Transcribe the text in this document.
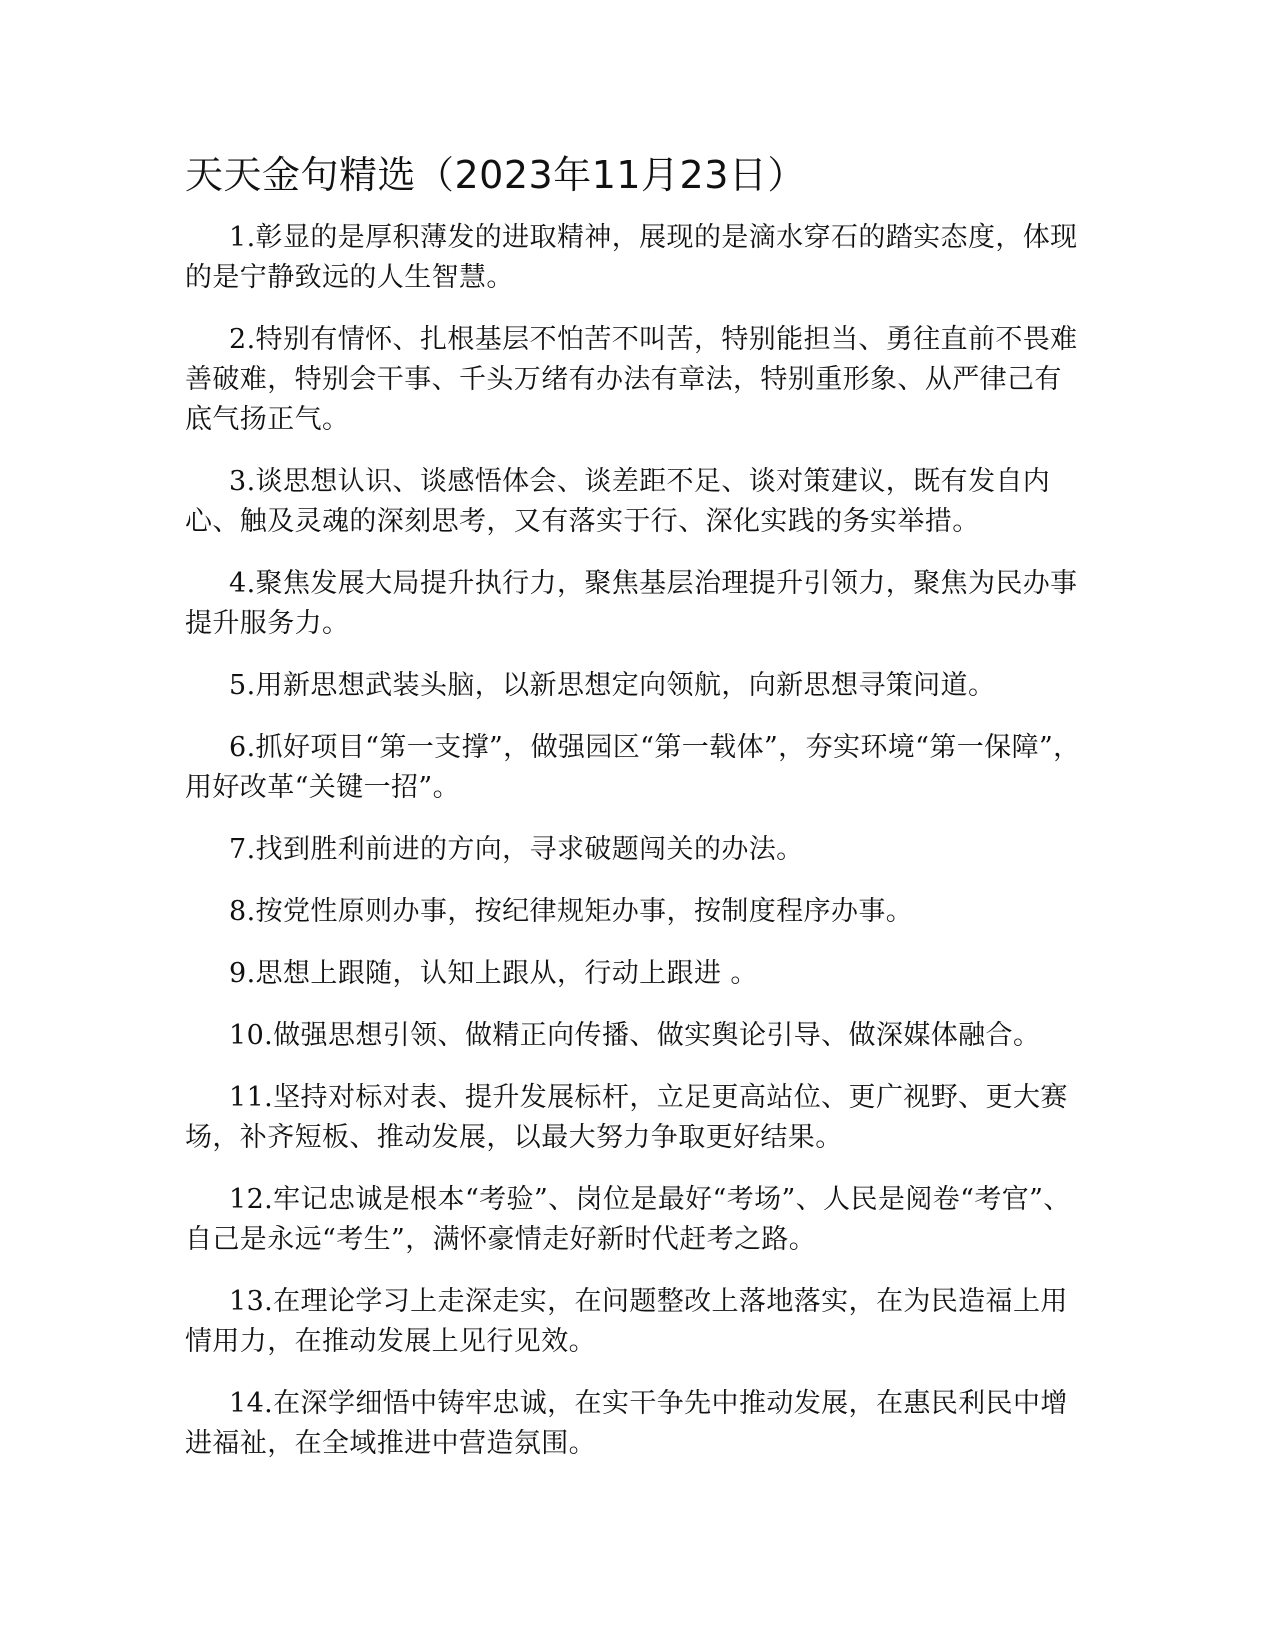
天天金句精选（2023年11月23日）

1.彰显的是厚积薄发的进取精神，展现的是滴水穿石的踏实态度，体现的是宁静致远的人生智慧。

2.特别有情怀、扎根基层不怕苦不叫苦，特别能担当、勇往直前不畏难善破难，特别会干事、千头万绪有办法有章法，特别重形象、从严律己有底气扬正气。

3.谈思想认识、谈感悟体会、谈差距不足、谈对策建议，既有发自内心、触及灵魂的深刻思考，又有落实于行、深化实践的务实举措。

4.聚焦发展大局提升执行力，聚焦基层治理提升引领力，聚焦为民办事提升服务力。

5.用新思想武装头脑，以新思想定向领航，向新思想寻策问道。

6.抓好项目“第一支撑”，做强园区“第一载体”，夯实环境“第一保障”，用好改革“关键一招”。

7.找到胜利前进的方向，寻求破题闯关的办法。

8.按党性原则办事，按纪律规矩办事，按制度程序办事。

9.思想上跟随，认知上跟从，行动上跟进 。

10.做强思想引领、做精正向传播、做实舆论引导、做深媒体融合。

11.坚持对标对表、提升发展标杆，立足更高站位、更广视野、更大赛场，补齐短板、推动发展，以最大努力争取更好结果。

12.牢记忠诚是根本“考验”、岗位是最好“考场”、人民是阅卷“考官”、自己是永远“考生”，满怀豪情走好新时代赶考之路。

13.在理论学习上走深走实，在问题整改上落地落实，在为民造福上用情用力，在推动发展上见行见效。

14.在深学细悟中铸牢忠诚，在实干争先中推动发展，在惠民利民中增进福祉，在全域推进中营造氛围。
